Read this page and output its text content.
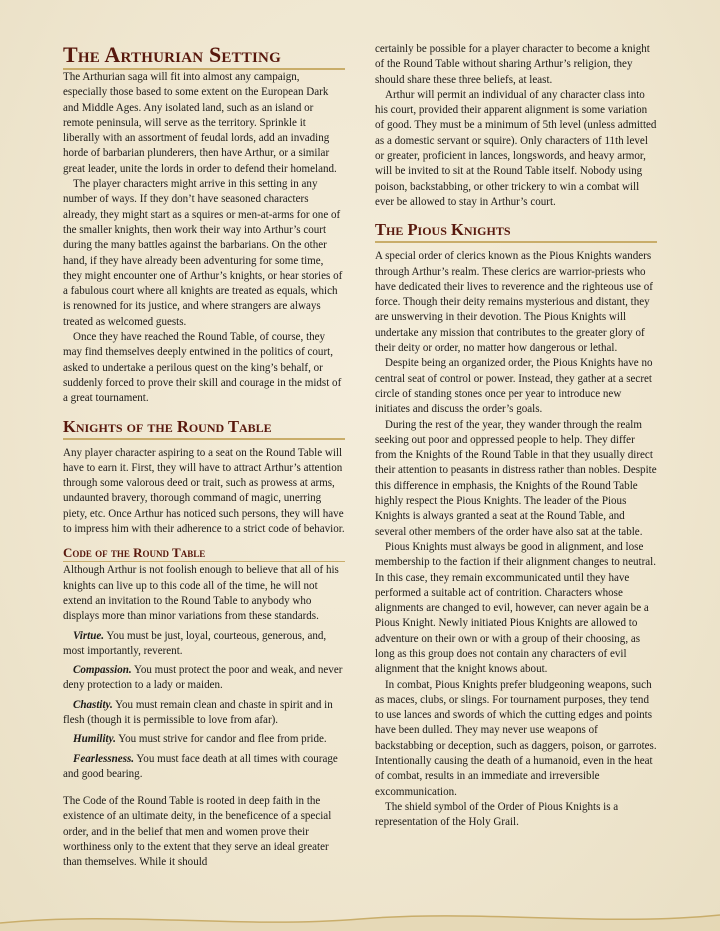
The Arthurian Setting

The Arthurian saga will fit into almost any campaign, especially those based to some extent on the European Dark and Middle Ages. Any isolated land, such as an island or remote peninsula, will serve as the territory. Sprinkle it liberally with an assortment of feudal lords, add an invading horde of barbarian plunderers, then have Arthur, or a similar great leader, unite the lords in order to defend their homeland.

The player characters might arrive in this setting in any number of ways. If they don’t have seasoned characters already, they might start as a squires or men-at-arms for one of the smaller knights, then work their way into Arthur’s court during the many battles against the barbarians. On the other hand, if they have already been adventuring for some time, they might encounter one of Arthur’s knights, or hear stories of a fabulous court where all knights are treated as equals, which is renowned for its justice, and where strangers are always treated as welcomed guests.

Once they have reached the Round Table, of course, they may find themselves deeply entwined in the politics of court, asked to undertake a perilous quest on the king’s behalf, or suddenly forced to prove their skill and courage in the midst of a great tournament.

Knights of the Round Table

Any player character aspiring to a seat on the Round Table will have to earn it. First, they will have to attract Arthur’s attention through some valorous deed or trait, such as prowess at arms, undaunted bravery, thorough command of magic, unerring piety, etc. Once Arthur has noticed such persons, they will have to impress him with their adherence to a strict code of behavior.

Code of the Round Table

Although Arthur is not foolish enough to believe that all of his knights can live up to this code all of the time, he will not extend an invitation to the Round Table to anybody who displays more than minor variations from these standards.

Virtue. You must be just, loyal, courteous, generous, and, most importantly, reverent.

Compassion. You must protect the poor and weak, and never deny protection to a lady or maiden.

Chastity. You must remain clean and chaste in spirit and in flesh (though it is permissible to love from afar).

Humility. You must strive for candor and flee from pride.

Fearlessness. You must face death at all times with courage and good bearing.

The Code of the Round Table is rooted in deep faith in the existence of an ultimate deity, in the beneficence of a special order, and in the belief that men and women prove their worthiness only to the extent that they serve an ideal greater than themselves. While it should

certainly be possible for a player character to become a knight of the Round Table without sharing Arthur’s religion, they should share these three beliefs, at least.

Arthur will permit an individual of any character class into his court, provided their apparent alignment is some variation of good. They must be a minimum of 5th level (unless admitted as a domestic servant or squire). Only characters of 11th level or greater, proficient in lances, longswords, and heavy armor, will be invited to sit at the Round Table itself. Nobody using poison, backstabbing, or other trickery to win a combat will ever be allowed to stay in Arthur’s court.

The Pious Knights

A special order of clerics known as the Pious Knights wanders through Arthur’s realm. These clerics are warrior-priests who have dedicated their lives to reverence and the righteous use of force. Though their deity remains mysterious and distant, they are unswerving in their devotion. The Pious Knights will undertake any mission that contributes to the greater glory of their deity or order, no matter how dangerous or lethal.

Despite being an organized order, the Pious Knights have no central seat of control or power. Instead, they gather at a secret circle of standing stones once per year to introduce new initiates and discuss the order’s goals.

During the rest of the year, they wander through the realm seeking out poor and oppressed people to help. They differ from the Knights of the Round Table in that they usually direct their attention to peasants in distress rather than nobles. Despite this difference in emphasis, the Knights of the Round Table highly respect the Pious Knights. The leader of the Pious Knights is always granted a seat at the Round Table, and several other members of the order have also sat at the table.

Pious Knights must always be good in alignment, and lose membership to the faction if their alignment changes to neutral. In this case, they remain excommunicated until they have performed a suitable act of contrition. Characters whose alignments are changed to evil, however, can never again be a Pious Knight. Newly initiated Pious Knights are allowed to adventure on their own or with a group of their choosing, as long as this group does not contain any characters of evil alignment that the knight knows about.

In combat, Pious Knights prefer bludgeoning weapons, such as maces, clubs, or slings. For tournament purposes, they tend to use lances and swords of which the cutting edges and points have been dulled. They may never use weapons of backstabbing or deception, such as daggers, poison, or garrotes. Intentionally causing the death of a humanoid, even in the heat of combat, results in an immediate and irreversible excommunication.

The shield symbol of the Order of Pious Knights is a representation of the Holy Grail.
